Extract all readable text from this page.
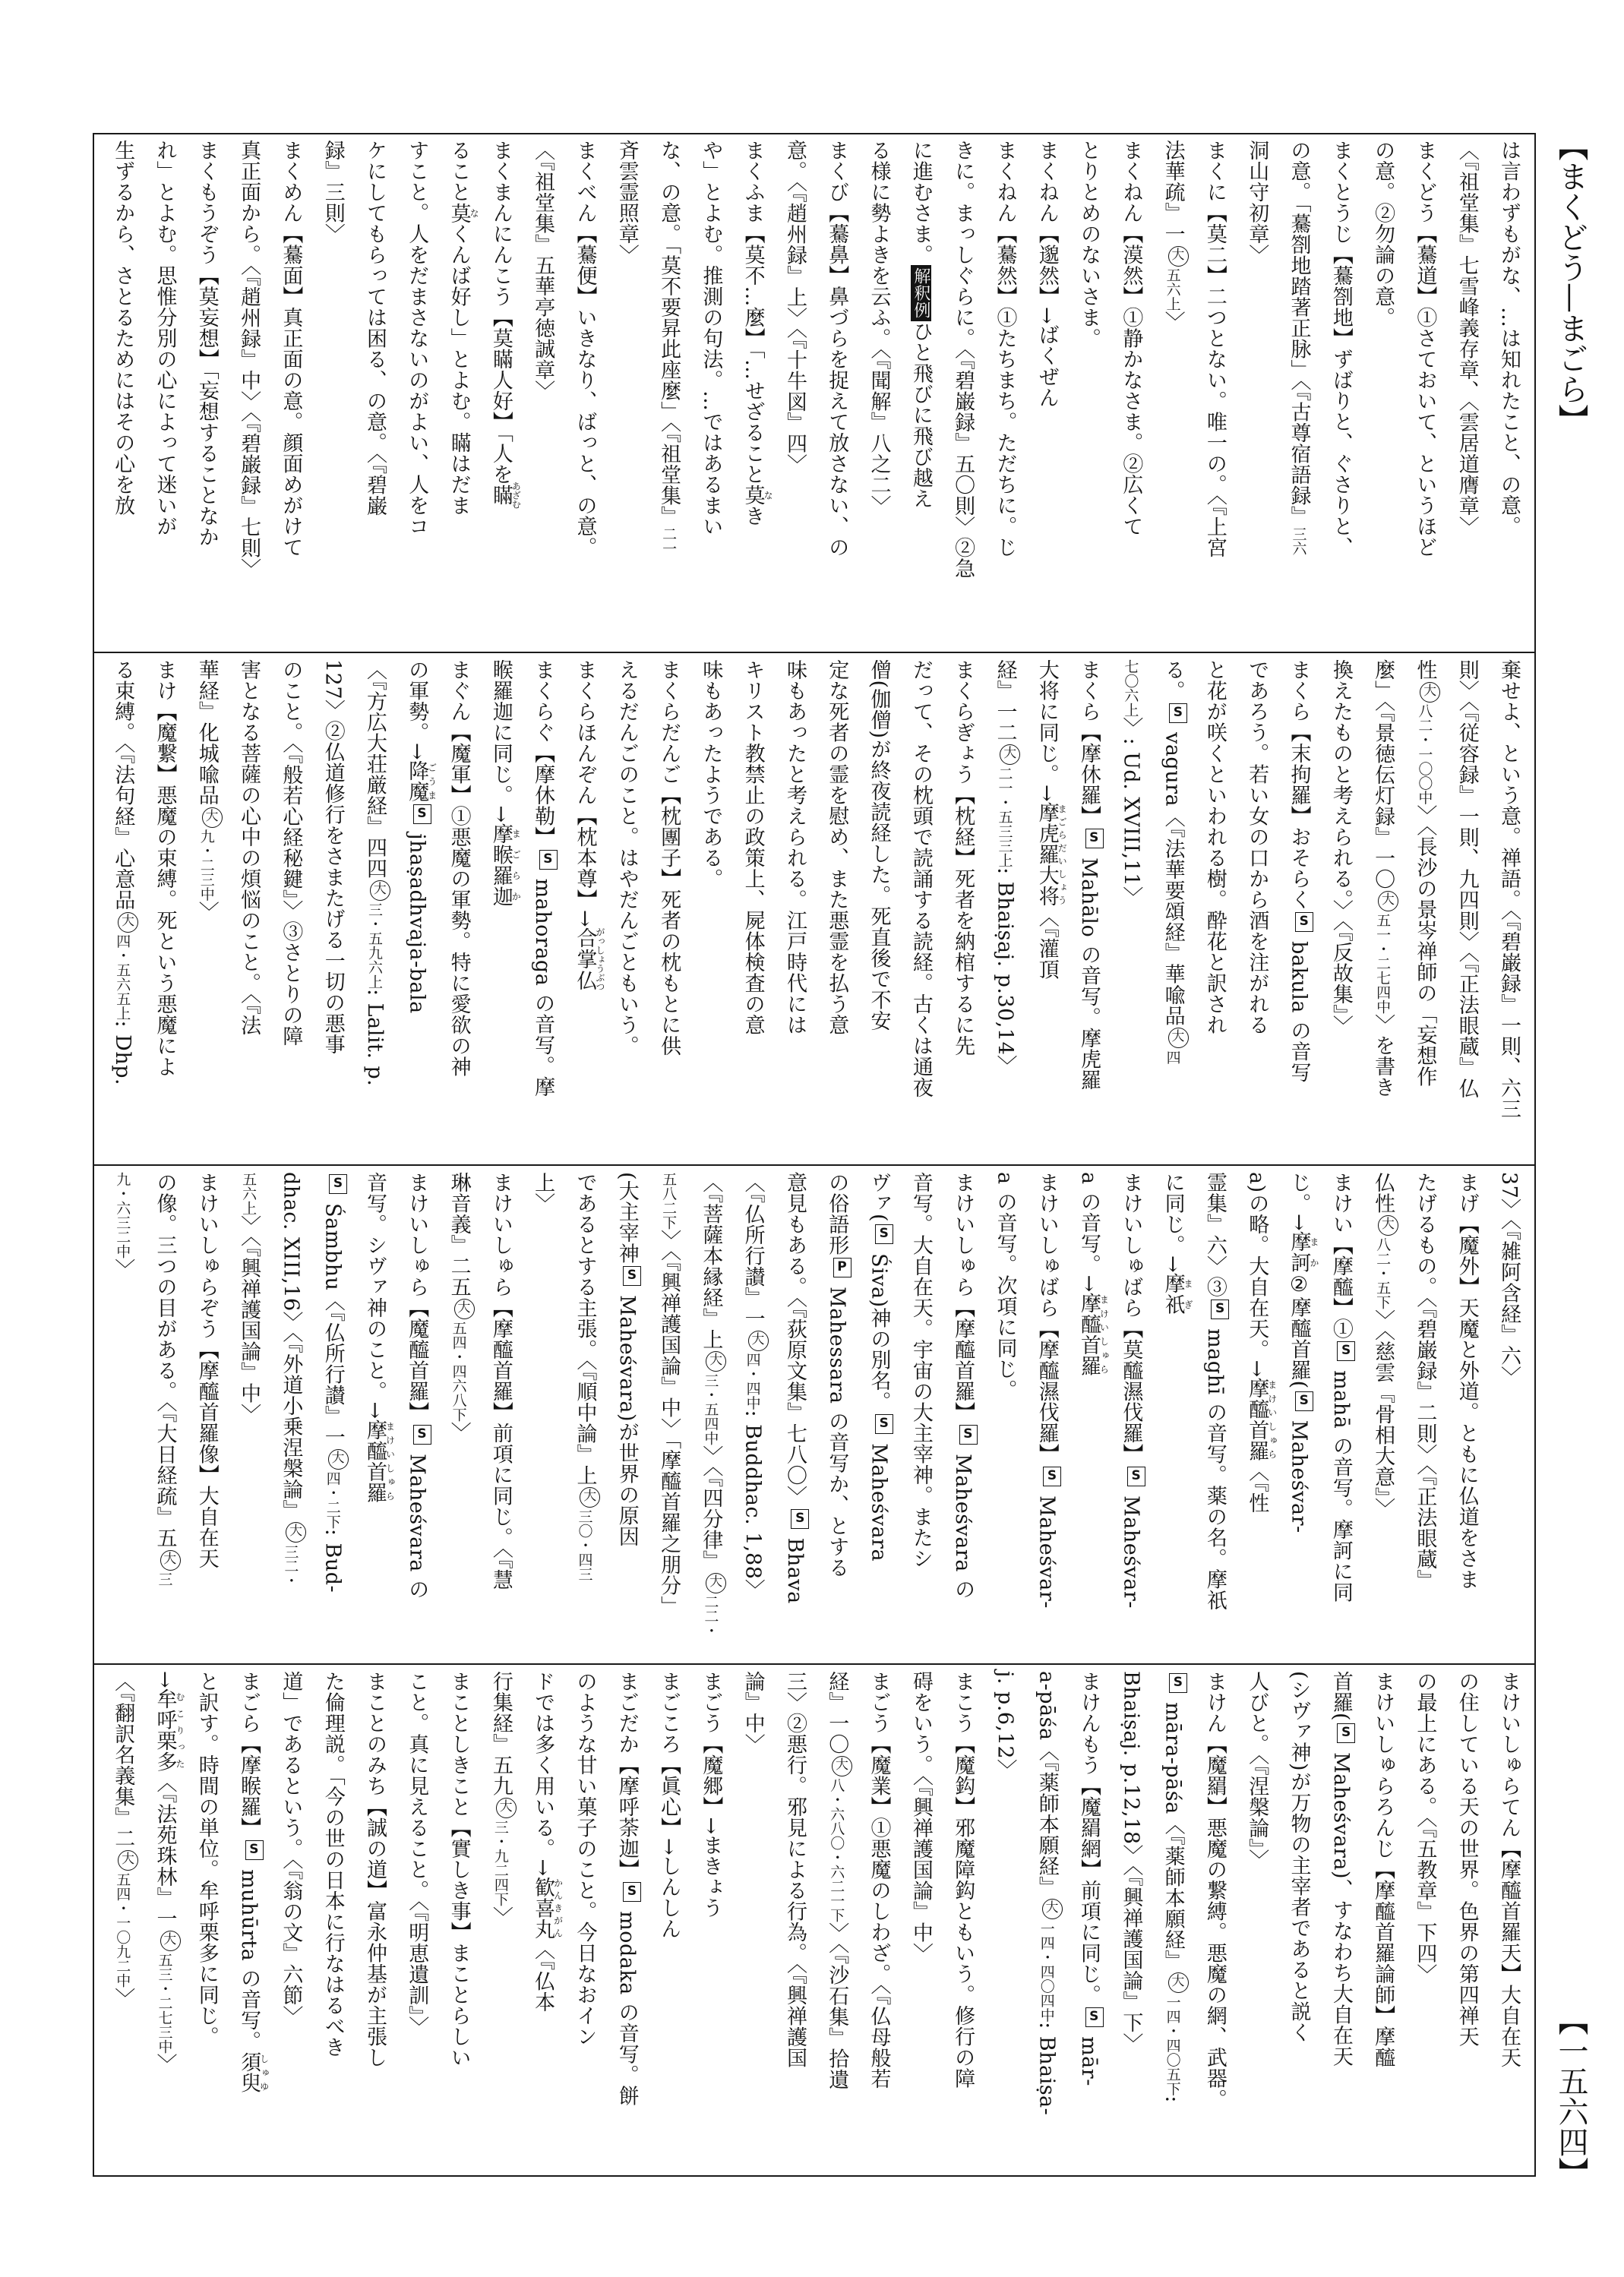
【まくどう—まごら】
【一五六四】
は言わずもがな、…は知れたこと、の意。
〈『祖堂集』七雪峰義存章、〈雲居道膺章〉
まくどう【驀道】①さておいて、というほど
の意。②勿論の意。
まくとうじ【驀劄地】ずばりと、ぐさりと、
の意。「驀劄地踏著正脉」〈『古尊宿語録』三六
洞山守初章〉
まくに【莫二】二つとない。唯一の。〈『上宮
法華疏』一大五六上〉
まくねん【漠然】①静かなさま。②広くて
とりとめのないさま。
まくねん【邈然】→ばくぜん
まくねん【驀然】①たちまち。ただちに。じ
きに。まっしぐらに。〈『碧巌録』五〇則〉②急
に進むさま。解釈例ひと飛びに飛び越え
る様に勢よきを云ふ。〈『聞解』八之二〉
まくび【驀鼻】鼻づらを捉えて放さない、の
意。〈『趙州録』上〉〈『十牛図』四〉
まくふま【莫不…麼】「…せざること莫なき
や」とよむ。推測の句法。…ではあるまい
な、の意。「莫不要昇此座麼」〈『祖堂集』二一
斉雲霊照章〉
まくべん【驀便】いきなり、ばっと、の意。
〈『祖堂集』五華亭徳誠章〉
まくまんにんこう【莫瞞人好】「人を瞞あざむ
ること莫なくんば好し」とよむ。瞞はだま
すこと。人をだまさないのがよい、人をコ
ケにしてもらっては困る、の意。〈『碧巌
録』三則〉
まくめん【驀面】真正面の意。顔面めがけて
真正面から。〈『趙州録』中〉〈『碧巌録』七則〉
まくもうぞう【莫妄想】「妄想することなか
れ」とよむ。思惟分別の心によって迷いが
生ずるから、さとるためにはその心を放
棄せよ、という意。禅語。〈『碧巌録』一則、六三
則〉〈『従容録』一則、九四則〉〈『正法眼蔵』仏
性大八二・一〇〇中〉〈長沙の景岑禅師の「妄想作
麼」〈『景徳伝灯録』一〇大五一・二七四中〉を書き
換えたものと考えられる。〉〈『反故集』〉
まくら【末拘羅】おそらくS bakula の音写
であろう。若い女の口から酒を注がれる
と花が咲くといわれる樹。酔花と訳され
る。S vagura〈『法華要頌経』華喩品大四
七〇六上〉: Ud. XVIII,11〉
まくら【摩休羅】S Mahālo の音写。摩虎羅
大将に同じ。→摩虎羅大将まごらだいしょう〈『灌頂
経』一二大二一・五三三上: Bhaiṣaj. p.30,14〉
まくらぎょう【枕経】死者を納棺するに先
だって、その枕頭で読誦する読経。古くは通夜
僧(伽僧)が終夜読経した。死直後で不安
定な死者の霊を慰め、また悪霊を払う意
味もあったと考えられる。江戸時代には
キリスト教禁止の政策上、屍体検査の意
味もあったようである。
まくらだんご【枕團子】死者の枕もとに供
えるだんごのこと。はやだんごともいう。
まくらほんぞん【枕本尊】→合掌仏がっしょうぶつ
まくらぐ【摩休勒】S mahoraga の音写。摩
睺羅迦に同じ。→摩睺羅迦まごらか
まぐん【魔軍】①悪魔の軍勢。特に愛欲の神
の軍勢。→降魔ごうまS jhaṣadhvaja-bala
〈『方広大荘厳経』四四大三・五九六上: Lalit. p.
127〉②仏道修行をさまたげる一切の悪事
のこと。〈『般若心経秘鍵』〉③さとりの障
害となる菩薩の心中の煩悩のこと。〈『法
華経』化城喩品大九・二三中〉
まけ【魔繋】悪魔の束縛。死という悪魔によ
る束縛。〈『法句経』心意品大四・五六五上: Dhp.
37〉〈『雑阿含経』六〉
まげ【魔外】天魔と外道。ともに仏道をさま
たげるもの。〈『碧巌録』二則〉〈『正法眼蔵』
仏性大八二・五下〉〈慈雲『骨相大意』〉
まけい【摩醯】①S mahā の音写。摩訶に同
じ。→摩訶まか②摩醯首羅(S Maheśvar-
a)の略。大自在天。→摩醯首羅まけいしゅら〈『性
霊集』六〉③S maghī の音写。薬の名。摩祇
に同じ。→摩祇まぎ
まけいしゅばら【莫醯濕伐羅】S Maheśvar-
a の音写。→摩醯首羅まけいしゅら
まけいしゅばら【摩醯濕伐羅】S Maheśvar-
a の音写。次項に同じ。
まけいしゅら【摩醯首羅】S Maheśvara の
音写。大自在天。宇宙の大主宰神。またシ
ヴァ(S Śiva)神の別名。S Maheśvara
の俗語形P Mahessara の音写か、とする
意見もある。〈『荻原文集』七八〇〉S Bhava
〈『仏所行讃』一大四・四中: Buddhac. 1,88〉
〈『菩薩本縁経』上大三・五四中〉〈『四分律』大二二・
五八二下〉〈『興禅護国論』中〉「摩醯首羅之朋分」
(大主宰神S Maheśvara)が世界の原因
であるとする主張。〈『順中論』上大三〇・四三
上〉
まけいしゅら【摩醯首羅】前項に同じ。〈『慧
琳音義』二五大五四・四六八下〉
まけいしゅら【魔醯首羅】S Maheśvara の
音写。シヴァ神のこと。→摩醯首羅まけいしゅら
S Śambhu〈『仏所行讃』一大四・二下: Bud-
dhac. XIII,16〉〈『外道小乗涅槃論』大三二・
五六上〉〈『興禅護国論』中〉
まけいしゅらぞう【摩醯首羅像】大自在天
の像。三つの目がある。〈『大日経疏』五大三
九・六三二中〉
まけいしゅらてん【摩醯首羅天】大自在天
の住している天の世界。色界の第四禅天
の最上にある。〈『五教章』下四〉
まけいしゅらろんじ【摩醯首羅論師】摩醯
首羅(S Maheśvara)、すなわち大自在天
(シヴァ神)が万物の主宰者であると説く
人びと。〈『涅槃論』〉
まけん【魔羂】悪魔の繋縛。悪魔の網、武器。
S māra-pāśa〈『薬師本願経』大一四・四〇五下:
Bhaiṣaj. p.12,18〉〈『興禅護国論』下〉
まけんもう【魔羂網】前項に同じ。S mār-
a-pāśa〈『薬師本願経』大一四・四〇四中: Bhaiṣa-
j. p.6,12〉
まこう【魔鈎】邪魔障鈎ともいう。修行の障
碍をいう。〈『興禅護国論』中〉
まごう【魔業】①悪魔のしわざ。〈『仏母般若
経』一〇大八・六八〇・六二一下〉〈『沙石集』拾遺
三〉②悪行。邪見による行為。〈『興禅護国
論』中〉
まごう【魔郷】→まきょう
まごころ【眞心】→しんしん
まごだか【摩呼荼迦】S modaka の音写。餅
のような甘い菓子のこと。今日なおイン
ドでは多く用いる。→歓喜丸かんきがん〈『仏本
行集経』五九大三・九二四下〉
まことしきこと【實しき事】まことらしい
こと。真に見えること。〈『明恵遺訓』〉
まことのみち【誠の道】富永仲基が主張し
た倫理説。「今の世の日本に行なはるべき
道」であるという。〈『翁の文』六節〉
まごら【摩睺羅】S muhūrta の音写。須臾しゅゆ
と訳す。時間の単位。牟呼栗多に同じ。
→牟呼栗多むこりった〈『法苑珠林』一大五三・二七三中〉
〈『翻訳名義集』二大五四・一〇九二中〉
